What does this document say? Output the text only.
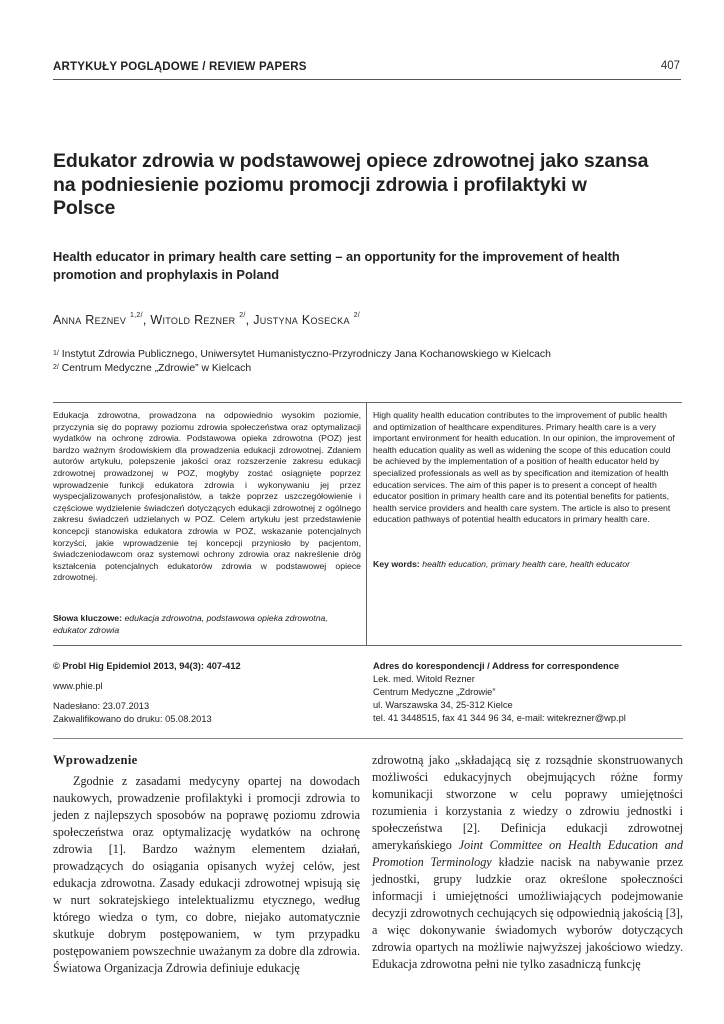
ARTYKUŁY POGLĄDOWE / REVIEW PAPERS	407
Edukator zdrowia w podstawowej opiece zdrowotnej jako szansa na podniesienie poziomu promocji zdrowia i profilaktyki w Polsce
Health educator in primary health care setting – an opportunity for the improvement of health promotion and prophylaxis in Poland
Anna Reznev $^{1,2/}$, Witold Rezner $^{2/}$, Justyna Kosecka $^{2/}$
$^{1/}$ Instytut Zdrowia Publicznego, Uniwersytet Humanistyczno-Przyrodniczy Jana Kochanowskiego w Kielcach
$^{2/}$ Centrum Medyczne „Zdrowie” w Kielcach

Edukacja zdrowotna, prowadzona na odpowiednio wysokim poziomie, przyczynia się do poprawy poziomu zdrowia społeczeństwa oraz optymalizacji wydatków na ochronę zdrowia. Podstawowa opieka zdrowotna (POZ) jest bardzo ważnym środowiskiem dla prowadzenia edukacji zdrowotnej. Zdaniem autorów artykułu, polepszenie jakości oraz rozszerzenie zakresu edukacji zdrowotnej prowadzonej w POZ, mogłyby zostać osiągnięte poprzez wprowadzenie funkcji edukatora zdrowia i wykonywaniu jej przez wyspecjalizowanych profesjonalistów, a także poprzez uszczegółowienie i częściowe wydzielenie świadczeń dotyczących edukacji zdrowotnej z ogólnego zakresu świadczeń udzielanych w POZ. Celem artykułu jest przedstawienie koncepcji stanowiska edukatora zdrowia w POZ, wskazanie potencjalnych korzyści, jakie wprowadzenie tej koncepcji przyniosło by pacjentom, świadczeniodawcom oraz systemowi ochrony zdrowia oraz nakreślenie dróg kształcenia potencjalnych edukatorów zdrowia w podstawowej opiece zdrowotnej.

Słowa kluczowe: edukacja zdrowotna, podstawowa opieka zdrowotna, edukator zdrowia

High quality health education contributes to the improvement of public health and optimization of healthcare expenditures. Primary health care is a very important environment for health education. In our opinion, the improvement of health education quality as well as widening the scope of this education could be achieved by the implementation of a position of health educator held by specialized professionals as well as by specification and itemization of health education services. The aim of this paper is to present a concept of health educator position in primary health care and its potential benefits for patients, health service providers and health care system. The article is also to present education pathways of potential health educators in primary health care.

Key words: health education, primary health care, health educator
© Probl Hig Epidemiol 2013, 94(3): 407-412
www.phie.pl
Nadesłano: 23.07.2013
Zakwalifikowano do druku: 05.08.2013
Adres do korespondencji / Address for correspondence
Lek. med. Witold Rezner
Centrum Medyczne „Zdrowie”
ul. Warszawska 34, 25-312 Kielce
tel. 41 3448515, fax 41 344 96 34, e-mail: witekrezner@wp.pl
Wprowadzenie

Zgodnie z zasadami medycyny opartej na dowodach naukowych, prowadzenie profilaktyki i promocji zdrowia to jeden z najlepszych sposobów na poprawę poziomu zdrowia społeczeństwa oraz optymalizację wydatków na ochronę zdrowia [1]. Bardzo ważnym elementem działań, prowadzących do osiągania opisanych wyżej celów, jest edukacja zdrowotna. Zasady edukacji zdrowotnej wpisują się w nurt sokratejskiego intelektualizmu etycznego, według którego wiedza o tym, co dobre, niejako automatycznie skutkuje dobrym postępowaniem, w tym przypadku postępowaniem powszechnie uważanym za dobre dla zdrowia. Światowa Organizacja Zdrowia definiuje edukację

zdrowotną jako „składającą się z rozsądnie skonstruowanych możliwości edukacyjnych obejmujących różne formy komunikacji stworzone w celu poprawy umiejętności rozumienia i korzystania z wiedzy o zdrowiu jednostki i społeczeństwa [2]. Definicja edukacji zdrowotnej amerykańskiego Joint Committee on Health Education and Promotion Terminology kładzie nacisk na nabywanie przez jednostki, grupy ludzkie oraz określone społeczności informacji i umiejętności umożliwiających podejmowanie decyzji zdrowotnych cechujących się odpowiednią jakością [3], a więc dokonywanie świadomych wyborów dotyczących zdrowia opartych na możliwie najwyższej jakościowo wiedzy. Edukacja zdrowotna pełni nie tylko zasadniczą funkcję
